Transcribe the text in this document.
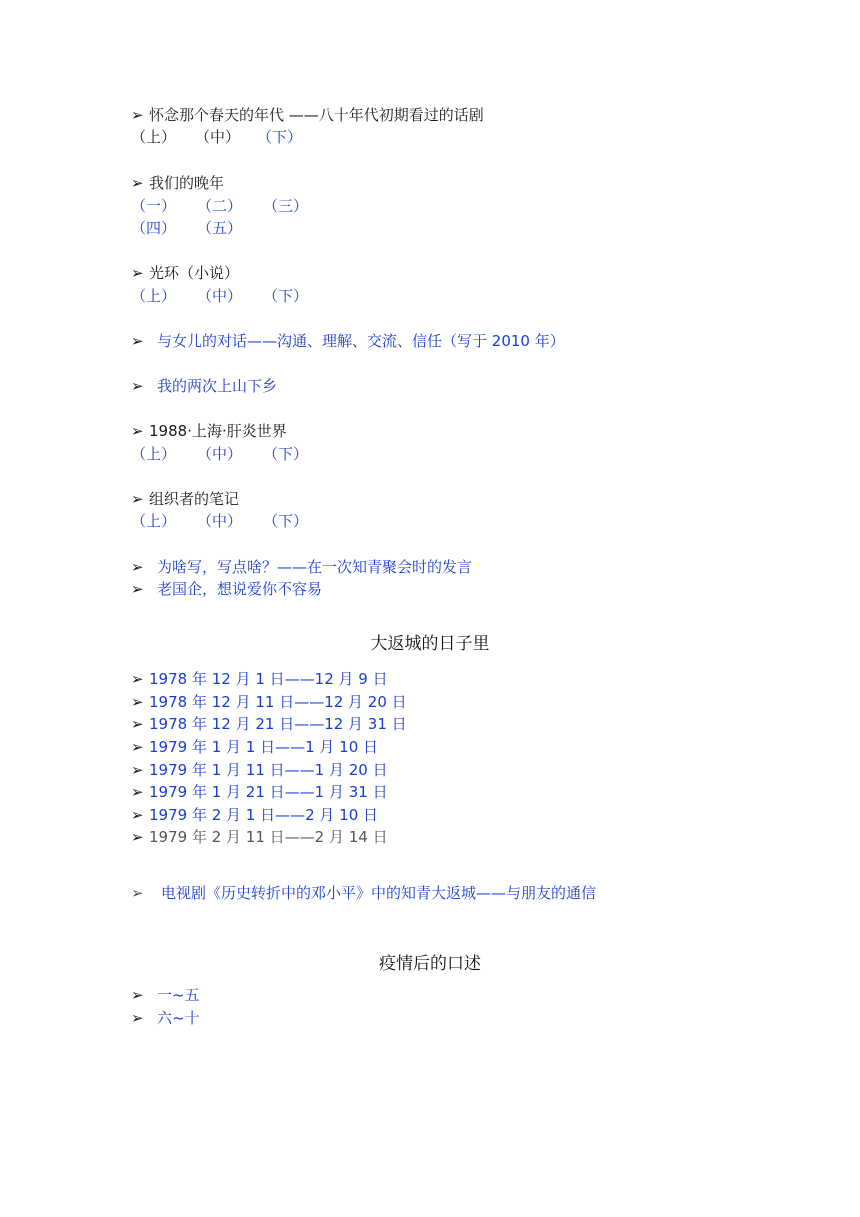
➢ 怀念那个春天的年代 ——八十年代初期看过的话剧
（上） （中） （下）
➢ 我们的晚年
（一） （二） （三）
（四） （五）
➢ 光环（小说）
（上） （中） （下）
➢ 与女儿的对话——沟通、理解、交流、信任（写于 2010 年）
➢ 我的两次上山下乡
➢ 1988·上海·肝炎世界
（上） （中） （下）
➢ 组织者的笔记
（上） （中） （下）
➢ 为啥写，写点啥？——在一次知青聚会时的发言
➢ 老国企，想说爱你不容易
大返城的日子里
➢ 1978 年 12 月 1 日——12 月 9 日
➢ 1978 年 12 月 11 日——12 月 20 日
➢ 1978 年 12 月 21 日——12 月 31 日
➢ 1979 年 1 月 1 日——1 月 10 日
➢ 1979 年 1 月 11 日——1 月 20 日
➢ 1979 年 1 月 21 日——1 月 31 日
➢ 1979 年 2 月 1 日——2 月 10 日
➢ 1979 年 2 月 11 日——2 月 14 日
➢ 电视剧《历史转折中的邓小平》中的知青大返城——与朋友的通信
疫情后的口述
➢ 一~五
➢ 六~十
